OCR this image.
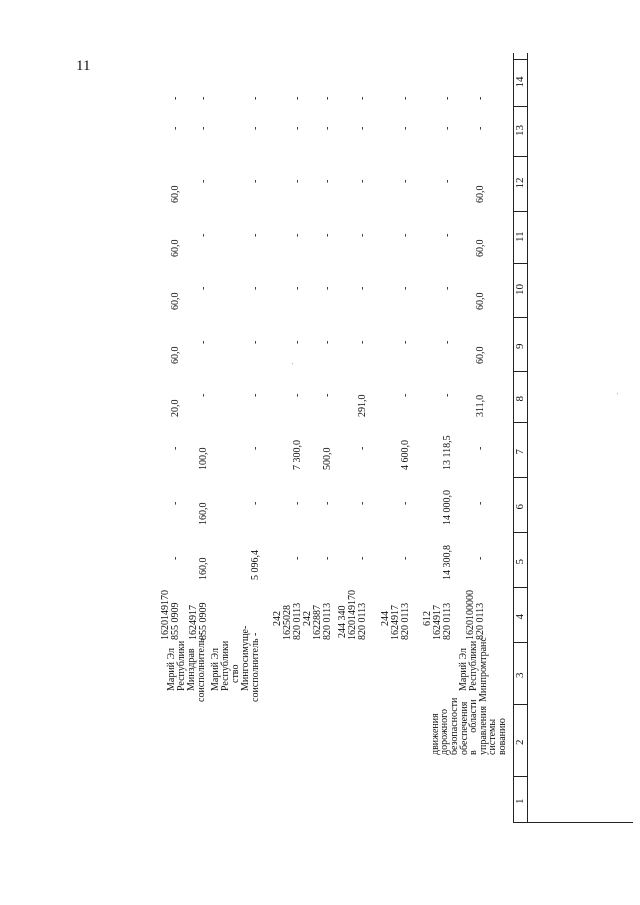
11
1
2
3
4
5
6
7
8
9
10
11
12
13
14
вованию
системы
управления
в       области
обеспечения
безопасности
дорожного
движения
820 0113
1620100000
-
-
-
311,0
60,0
60,0
60,0
60,0
-
-
820 0113
1624917
612
14 300,8
14 000,0
13 118,5
-
-
-
-
-
-
-
820 0113
1624917
244
-
-
4 600,0
-
-
-
-
-
-
-
820 0113
1620149170
244 340
-
-
-
291,0
-
-
-
-
-
-
820 0113
1622887
242
-
-
500,0
-
-
-
-
-
-
-
820 0113
1625028
242
-
-
7 300,0
-
-
-
-
-
-
-
5 096,4
-
-
-
-
-
-
-
-
-
855 0909
1624917
160,0
160,0
100,0
-
-
-
-
-
-
-
855 0909
1620149170
-
-
-
20,0
60,0
60,0
60,0
60,0
-
-
Минпромтранс
Республики
Марий Эл
соисполнитель -
Мингосимуще-
ство
Республики
Марий Эл
соисполнитель -
Минздрав
Республики
Марий Эл
.
.
